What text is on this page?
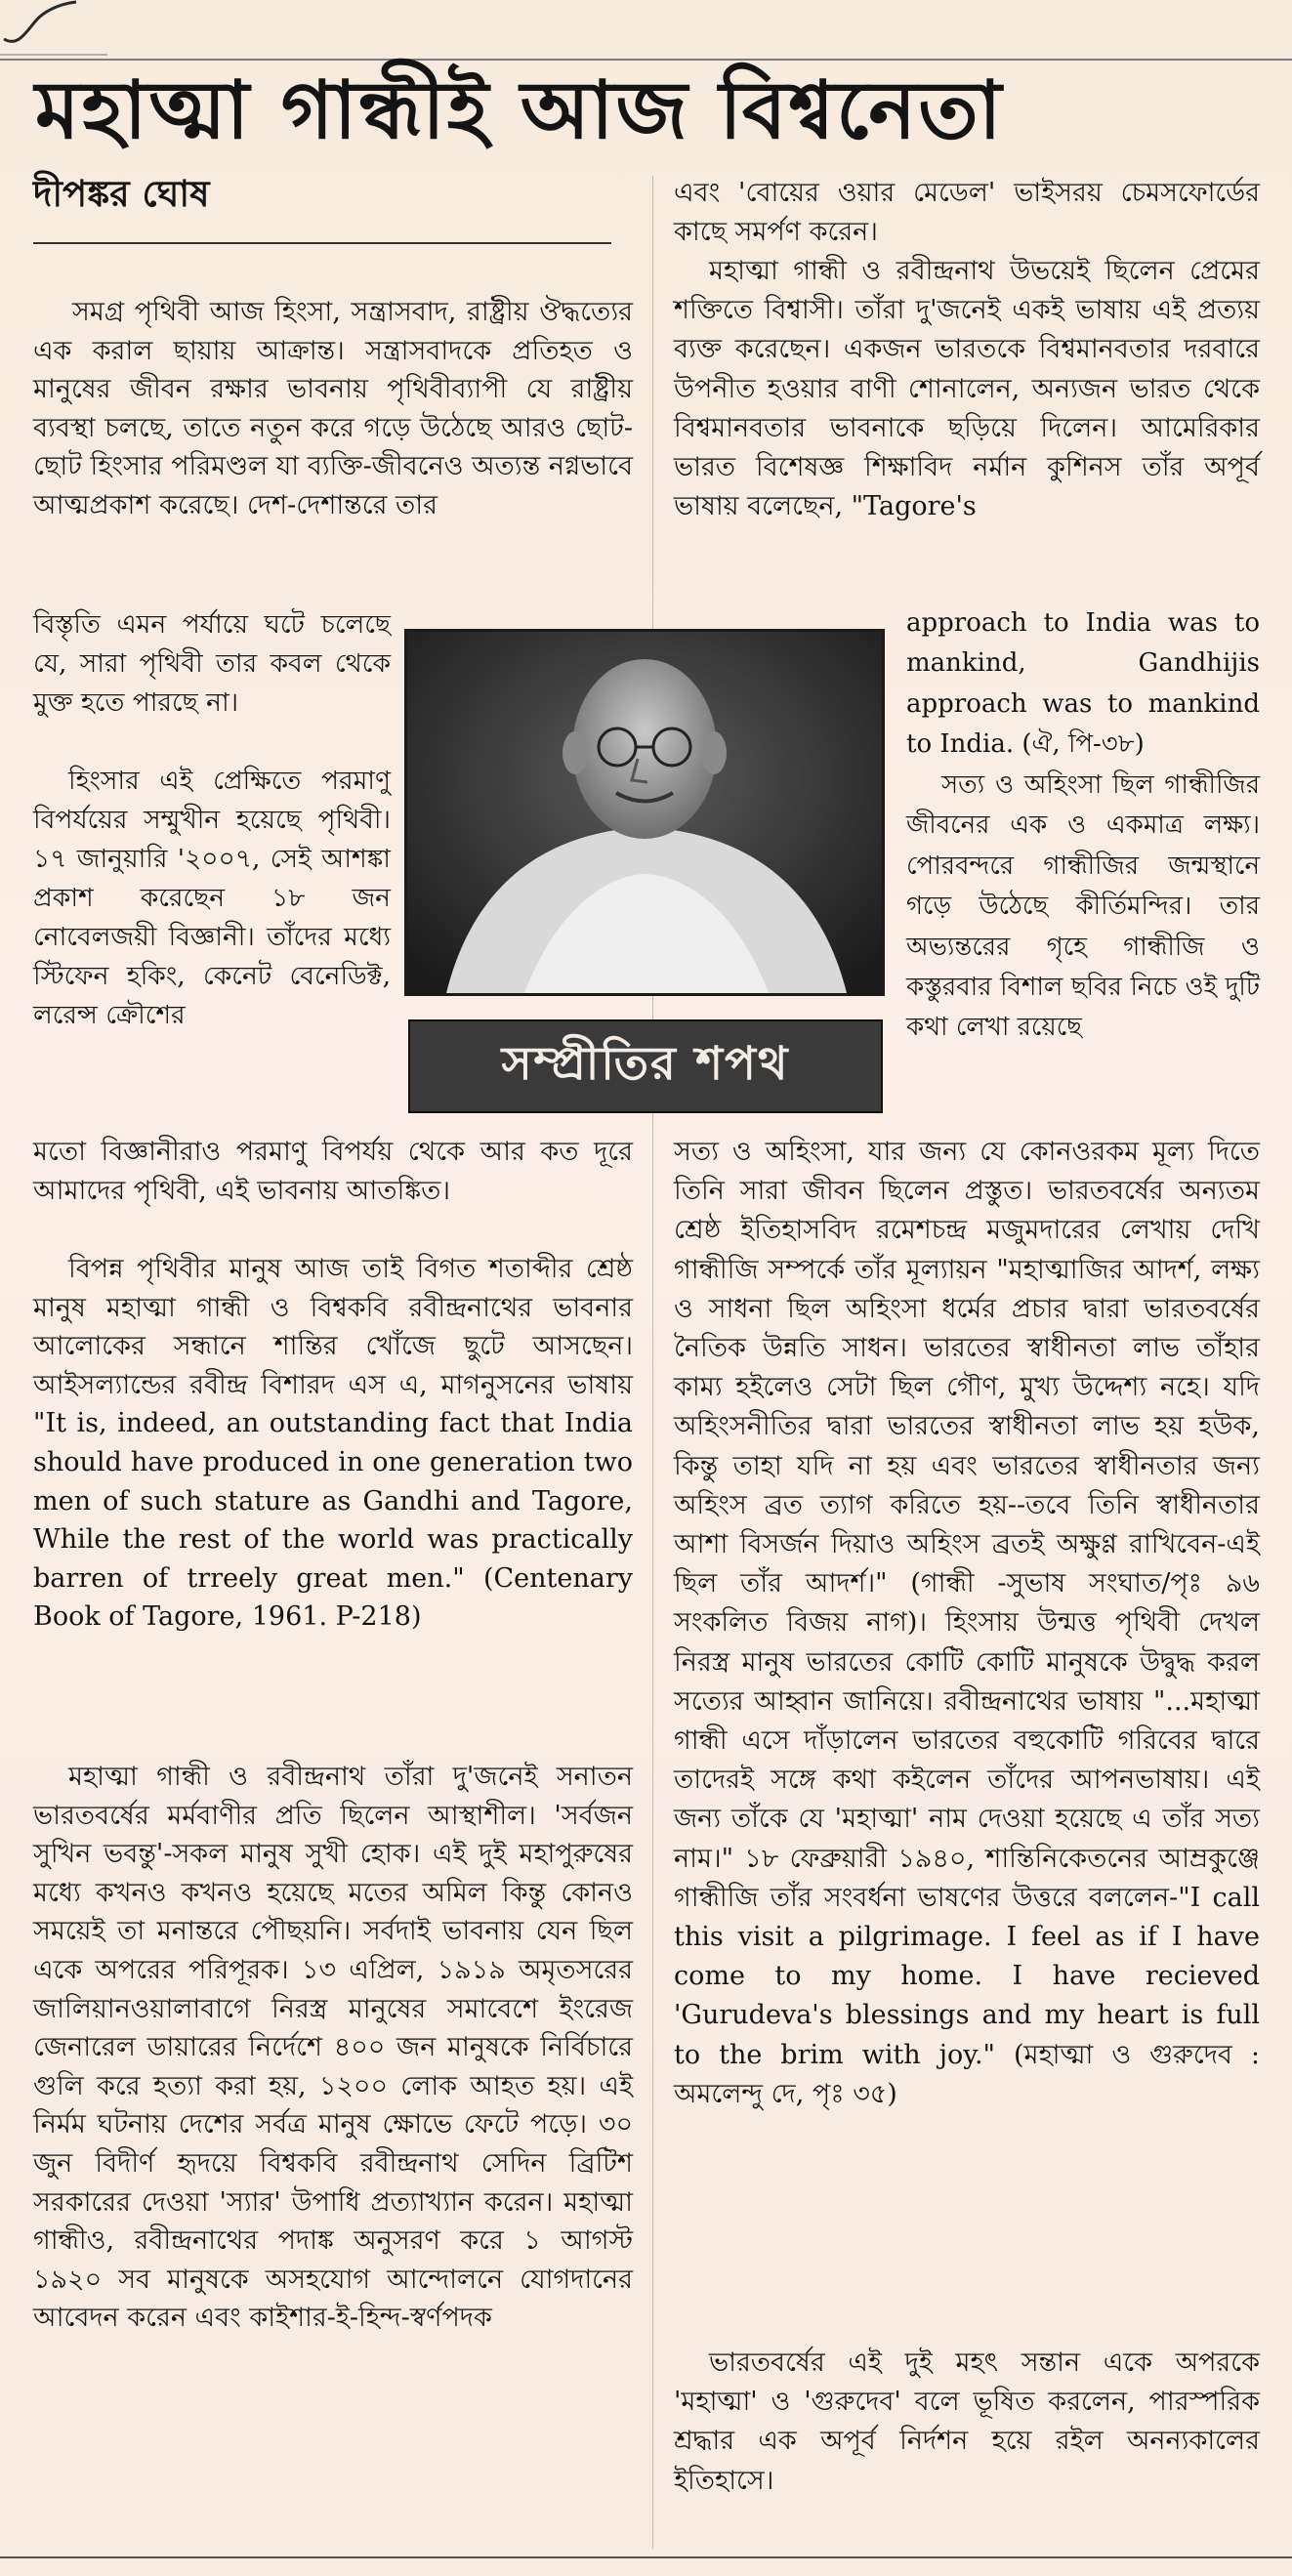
মহাত্মা গান্ধীই আজ বিশ্বনেতা
দীপঙ্কর ঘোষ

সমগ্র পৃথিবী আজ হিংসা, সন্ত্রাসবাদ, রাষ্ট্রীয় ঔদ্ধত্যের এক করাল ছায়ায় আক্রান্ত। সন্ত্রাসবাদকে প্রতিহত ও মানুষের জীবন রক্ষার ভাবনায় পৃথিবীব্যাপী যে রাষ্ট্রীয় ব্যবস্থা চলছে, তাতে নতুন করে গড়ে উঠেছে আরও ছোট-ছোট হিংসার পরিমণ্ডল যা ব্যক্তি-জীবনেও অত্যন্ত নগ্নভাবে আত্মপ্রকাশ করেছে। দেশ-দেশান্তরে তার

বিস্তৃতি এমন পর্যায়ে ঘটে চলেছে যে, সারা পৃথিবী তার কবল থেকে মুক্ত হতে পারছে না।

হিংসার এই প্রেক্ষিতে পরমাণু বিপর্যয়ের সম্মুখীন হয়েছে পৃথিবী। ১৭ জানুয়ারি '২০০৭, সেই আশঙ্কা প্রকাশ করেছেন ১৮ জন নোবেলজয়ী বিজ্ঞানী। তাঁদের মধ্যে স্টিফেন হকিং, কেনেট বেনেডিক্ট, লরেন্স ক্রৌশের

মতো বিজ্ঞানীরাও পরমাণু বিপর্যয় থেকে আর কত দূরে আমাদের পৃথিবী, এই ভাবনায় আতঙ্কিত।

বিপন্ন পৃথিবীর মানুষ আজ তাই বিগত শতাব্দীর শ্রেষ্ঠ মানুষ মহাত্মা গান্ধী ও বিশ্বকবি রবীন্দ্রনাথের ভাবনার আলোকের সন্ধানে শান্তির খোঁজে ছুটে আসছেন। আইসল্যান্ডের রবীন্দ্র বিশারদ এস এ, মাগনুসনের ভাষায় "It is, indeed, an outstanding fact that India should have produced in one generation two men of such stature as Gandhi and Tagore, While the rest of the world was practically barren of trreely great men." (Centenary Book of Tagore, 1961. P-218)

মহাত্মা গান্ধী ও রবীন্দ্রনাথ তাঁরা দু'জনেই সনাতন ভারতবর্ষের মর্মবাণীর প্রতি ছিলেন আস্থাশীল। 'সর্বজন সুখিন ভবন্তু'-সকল মানুষ সুখী হোক। এই দুই মহাপুরুষের মধ্যে কখনও কখনও হয়েছে মতের অমিল কিন্তু কোনও সময়েই তা মনান্তরে পৌছয়নি। সর্বদাই ভাবনায় যেন ছিল একে অপরের পরিপূরক। ১৩ এপ্রিল, ১৯১৯ অমৃতসরের জালিয়ানওয়ালাবাগে নিরস্ত্র মানুষের সমাবেশে ইংরেজ জেনারেল ডায়ারের নির্দেশে ৪০০ জন মানুষকে নির্বিচারে গুলি করে হত্যা করা হয়, ১২০০ লোক আহত হয়। এই নির্মম ঘটনায় দেশের সর্বত্র মানুষ ক্ষোভে ফেটে পড়ে। ৩০ জুন বিদীর্ণ হৃদয়ে বিশ্বকবি রবীন্দ্রনাথ সেদিন ব্রিটিশ সরকারের দেওয়া 'স্যার' উপাধি প্রত্যাখ্যান করেন। মহাত্মা গান্ধীও, রবীন্দ্রনাথের পদাঙ্ক অনুসরণ করে ১ আগস্ট ১৯২০ সব মানুষকে অসহযোগ আন্দোলনে যোগদানের আবেদন করেন এবং কাইশার-ই-হিন্দ-স্বর্ণপদক

সম্প্রীতির শপথ

এবং 'বোয়ের ওয়ার মেডেল' ভাইসরয় চেমসফোর্ডের কাছে সমর্পণ করেন।

মহাত্মা গান্ধী ও রবীন্দ্রনাথ উভয়েই ছিলেন প্রেমের শক্তিতে বিশ্বাসী। তাঁরা দু'জনেই একই ভাষায় এই প্রত্যয় ব্যক্ত করেছেন। একজন ভারতকে বিশ্বমানবতার দরবারে উপনীত হওয়ার বাণী শোনালেন, অন্যজন ভারত থেকে বিশ্বমানবতার ভাবনাকে ছড়িয়ে দিলেন। আমেরিকার ভারত বিশেষজ্ঞ শিক্ষাবিদ নর্মান কুশিনস তাঁর অপূর্ব ভাষায় বলেছেন, "Tagore's

approach to India was to mankind, Gandhijis approach was to mankind to India. (ঐ, পি-৩৮)

সত্য ও অহিংসা ছিল গান্ধীজির জীবনের এক ও একমাত্র লক্ষ্য। পোরবন্দরে গান্ধীজির জন্মস্থানে গড়ে উঠেছে কীর্তিমন্দির। তার অভ্যন্তরের গৃহে গান্ধীজি ও কস্তুরবার বিশাল ছবির নিচে ওই দুটি কথা লেখা রয়েছে

সত্য ও অহিংসা, যার জন্য যে কোনওরকম মূল্য দিতে তিনি সারা জীবন ছিলেন প্রস্তুত। ভারতবর্ষের অন্যতম শ্রেষ্ঠ ইতিহাসবিদ রমেশচন্দ্র মজুমদারের লেখায় দেখি গান্ধীজি সম্পর্কে তাঁর মূল্যায়ন "মহাত্মাজির আদর্শ, লক্ষ্য ও সাধনা ছিল অহিংসা ধর্মের প্রচার দ্বারা ভারতবর্ষের নৈতিক উন্নতি সাধন। ভারতের স্বাধীনতা লাভ তাঁহার কাম্য হইলেও সেটা ছিল গৌণ, মুখ্য উদ্দেশ্য নহে। যদি অহিংসনীতির দ্বারা ভারতের স্বাধীনতা লাভ হয় হউক, কিন্তু তাহা যদি না হয় এবং ভারতের স্বাধীনতার জন্য অহিংস ব্রত ত্যাগ করিতে হয়--তবে তিনি স্বাধীনতার আশা বিসর্জন দিয়াও অহিংস ব্রতই অক্ষুণ্ণ রাখিবেন-এই ছিল তাঁর আদর্শ।" (গান্ধী -সুভাষ সংঘাত/পৃঃ ৯৬ সংকলিত বিজয় নাগ)। হিংসায় উন্মত্ত পৃথিবী দেখল নিরস্ত্র মানুষ ভারতের কোটি কোটি মানুষকে উদ্বুদ্ধ করল সত্যের আহ্বান জানিয়ে। রবীন্দ্রনাথের ভাষায় "...মহাত্মা গান্ধী এসে দাঁড়ালেন ভারতের বহুকোটি গরিবের দ্বারে তাদেরই সঙ্গে কথা কইলেন তাঁদের আপনভাষায়। এই জন্য তাঁকে যে 'মহাত্মা' নাম দেওয়া হয়েছে এ তাঁর সত্য নাম।" ১৮ ফেব্রুয়ারী ১৯৪০, শান্তিনিকেতনের আম্রকুঞ্জে গান্ধীজি তাঁর সংবর্ধনা ভাষণের উত্তরে বললেন-"I call this visit a pilgrimage. I feel as if I have come to my home. I have recieved 'Gurudeva's blessings and my heart is full to the brim with joy." (মহাত্মা ও গুরুদেব : অমলেন্দু দে, পৃঃ ৩৫)

ভারতবর্ষের এই দুই মহৎ সন্তান একে অপরকে 'মহাত্মা' ও 'গুরুদেব' বলে ভূষিত করলেন, পারস্পরিক শ্রদ্ধার এক অপূর্ব নির্দশন হয়ে রইল অনন্যকালের ইতিহাসে।
